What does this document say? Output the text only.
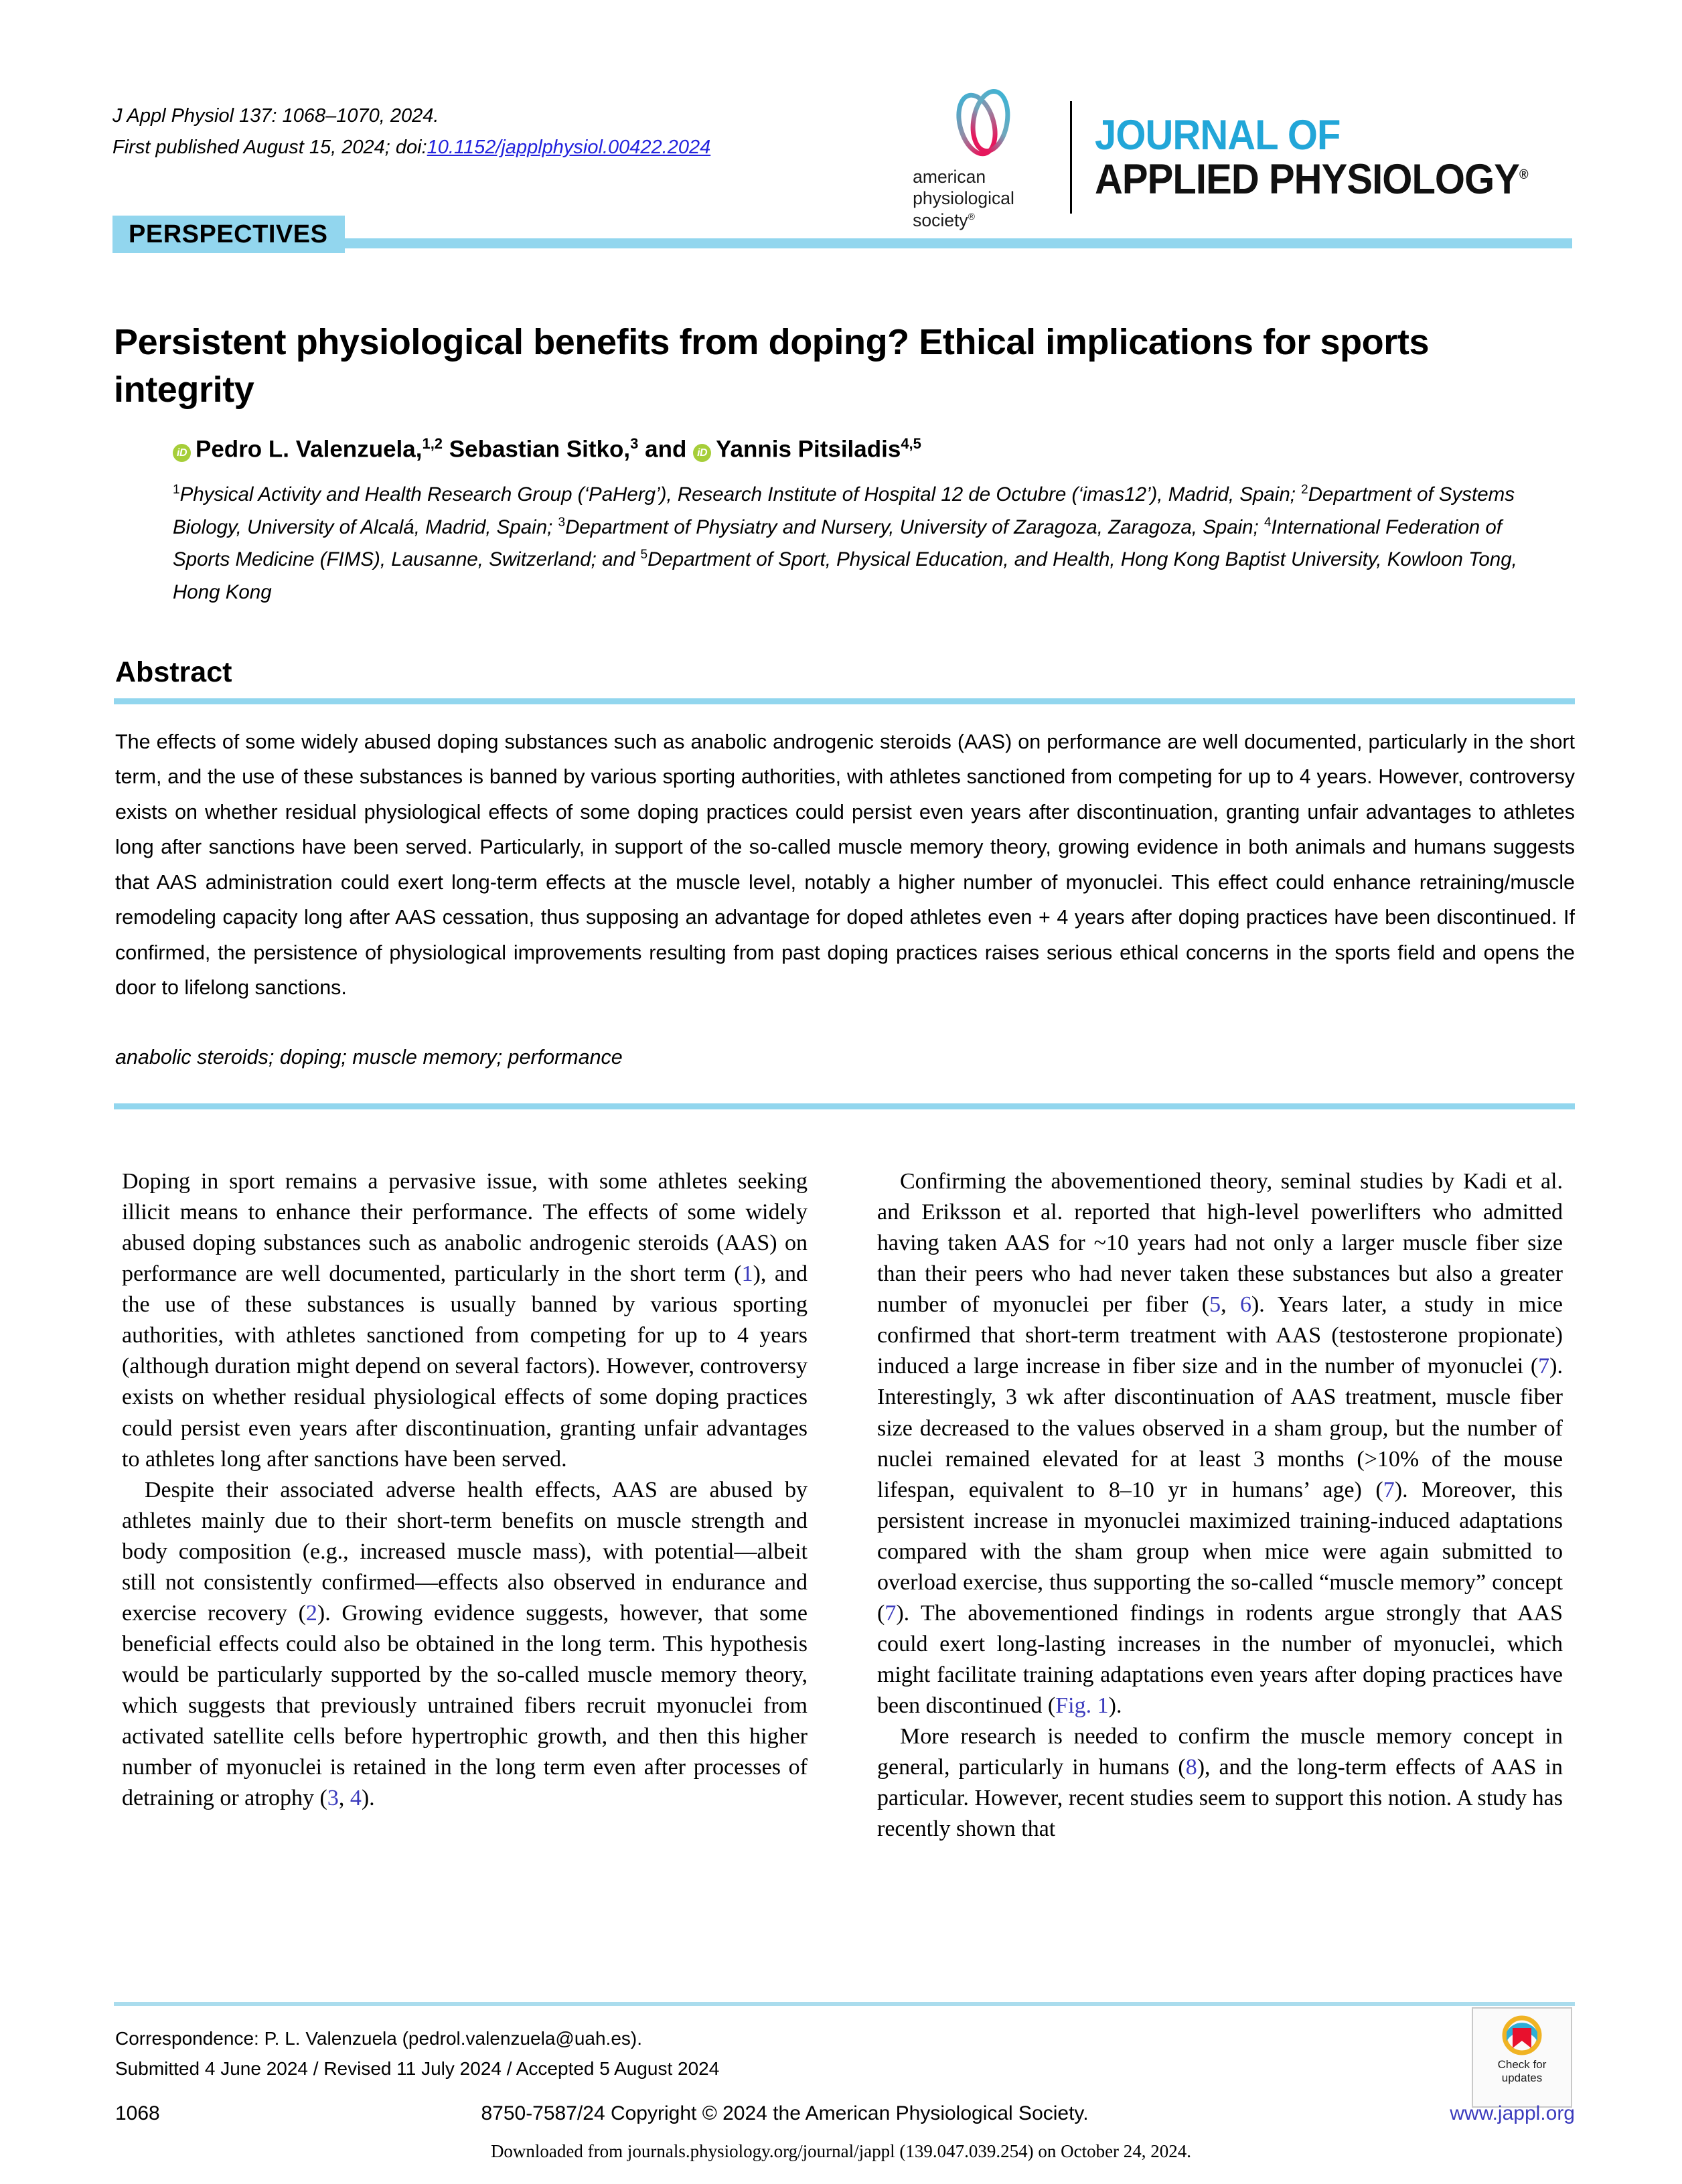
J Appl Physiol 137: 1068–1070, 2024.
First published August 15, 2024; doi:10.1152/japplphysiol.00422.2024
american
physiological
society®
JOURNAL OF
APPLIED PHYSIOLOGY®
PERSPECTIVES
Persistent physiological benefits from doping? Ethical implications for sports integrity
iD Pedro L. Valenzuela,$^{1,2}$ Sebastian Sitko,$^3$ and iD Yannis Pitsiladis$^{4,5}$
$^1$Physical Activity and Health Research Group (‘PaHerg’), Research Institute of Hospital 12 de Octubre (‘imas12’), Madrid, Spain; $^2$Department of Systems Biology, University of Alcalá, Madrid, Spain; $^3$Department of Physiatry and Nursery, University of Zaragoza, Zaragoza, Spain; $^4$International Federation of Sports Medicine (FIMS), Lausanne, Switzerland; and $^5$Department of Sport, Physical Education, and Health, Hong Kong Baptist University, Kowloon Tong, Hong Kong
Abstract
The effects of some widely abused doping substances such as anabolic androgenic steroids (AAS) on performance are well documented, particularly in the short term, and the use of these substances is banned by various sporting authorities, with athletes sanctioned from competing for up to 4 years. However, controversy exists on whether residual physiological effects of some doping practices could persist even years after discontinuation, granting unfair advantages to athletes long after sanctions have been served. Particularly, in support of the so-called muscle memory theory, growing evidence in both animals and humans suggests that AAS administration could exert long-term effects at the muscle level, notably a higher number of myonuclei. This effect could enhance retraining/muscle remodeling capacity long after AAS cessation, thus supposing an advantage for doped athletes even + 4 years after doping practices have been discontinued. If confirmed, the persistence of physiological improvements resulting from past doping practices raises serious ethical concerns in the sports field and opens the door to lifelong sanctions.
anabolic steroids; doping; muscle memory; performance

Doping in sport remains a pervasive issue, with some athletes seeking illicit means to enhance their performance. The effects of some widely abused doping substances such as anabolic androgenic steroids (AAS) on performance are well documented, particularly in the short term (1), and the use of these substances is usually banned by various sporting authorities, with athletes sanctioned from competing for up to 4 years (although duration might depend on several factors). However, controversy exists on whether residual physiological effects of some doping practices could persist even years after discontinuation, granting unfair advantages to athletes long after sanctions have been served.

Despite their associated adverse health effects, AAS are abused by athletes mainly due to their short-term benefits on muscle strength and body composition (e.g., increased muscle mass), with potential—albeit still not consistently confirmed—effects also observed in endurance and exercise recovery (2). Growing evidence suggests, however, that some beneficial effects could also be obtained in the long term. This hypothesis would be particularly supported by the so-called muscle memory theory, which suggests that previously untrained fibers recruit myonuclei from activated satellite cells before hypertrophic growth, and then this higher number of myonuclei is retained in the long term even after processes of detraining or atrophy (3, 4).

Confirming the abovementioned theory, seminal studies by Kadi et al. and Eriksson et al. reported that high-level powerlifters who admitted having taken AAS for ~10 years had not only a larger muscle fiber size than their peers who had never taken these substances but also a greater number of myonuclei per fiber (5, 6). Years later, a study in mice confirmed that short-term treatment with AAS (testosterone propionate) induced a large increase in fiber size and in the number of myonuclei (7). Interestingly, 3 wk after discontinuation of AAS treatment, muscle fiber size decreased to the values observed in a sham group, but the number of nuclei remained elevated for at least 3 months (>10% of the mouse lifespan, equivalent to 8–10 yr in humans’ age) (7). Moreover, this persistent increase in myonuclei maximized training-induced adaptations compared with the sham group when mice were again submitted to overload exercise, thus supporting the so-called “muscle memory” concept (7). The abovementioned findings in rodents argue strongly that AAS could exert long-lasting increases in the number of myonuclei, which might facilitate training adaptations even years after doping practices have been discontinued (Fig. 1).

More research is needed to confirm the muscle memory concept in general, particularly in humans (8), and the long-term effects of AAS in particular. However, recent studies seem to support this notion. A study has recently shown that

Correspondence: P. L. Valenzuela (pedrol.valenzuela@uah.es).
Submitted 4 June 2024 / Revised 11 July 2024 / Accepted 5 August 2024	Check for
updates
1068	8750-7587/24 Copyright © 2024 the American Physiological Society.	www.jappl.org
Downloaded from journals.physiology.org/journal/jappl (139.047.039.254) on October 24, 2024.
